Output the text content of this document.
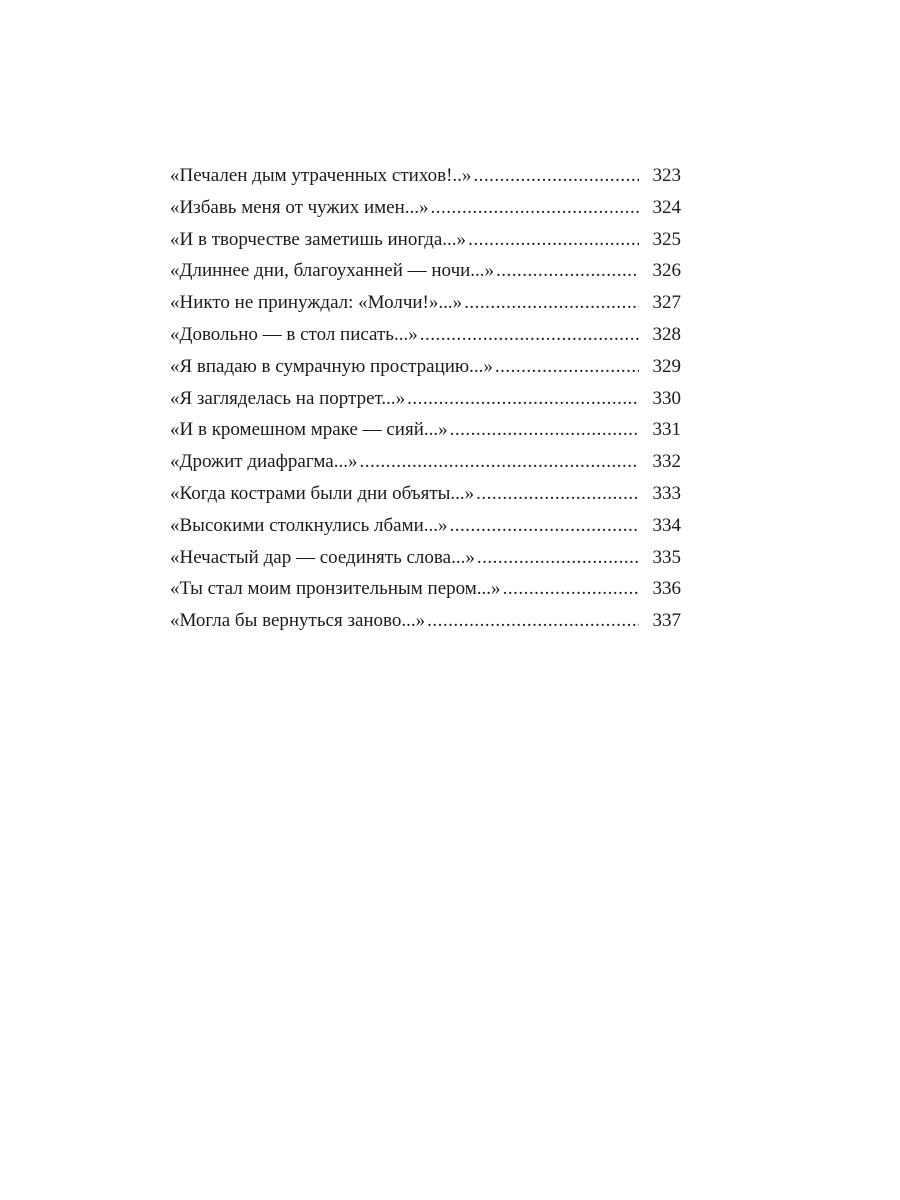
«Печален дым утраченных стихов!..» .....	323
«Избавь меня от чужих имен...» .....	324
«И в творчестве заметишь иногда...» .....	325
«Длиннее дни, благоуханней — ночи...» .....	326
«Никто не принуждал: «Молчи!»...» .....	327
«Довольно — в стол писать...» .....	328
«Я впадаю в сумрачную прострацию...» .....	329
«Я загляделась на портрет...» .....	330
«И в кромешном мраке — сияй...» .....	331
«Дрожит диафрагма...» .....	332
«Когда кострами были дни объяты...» .....	333
«Высокими столкнулись лбами...» .....	334
«Нечастый дар — соединять слова...» .....	335
«Ты стал моим пронзительным пером...» .....	336
«Могла бы вернуться заново...» .....	337
